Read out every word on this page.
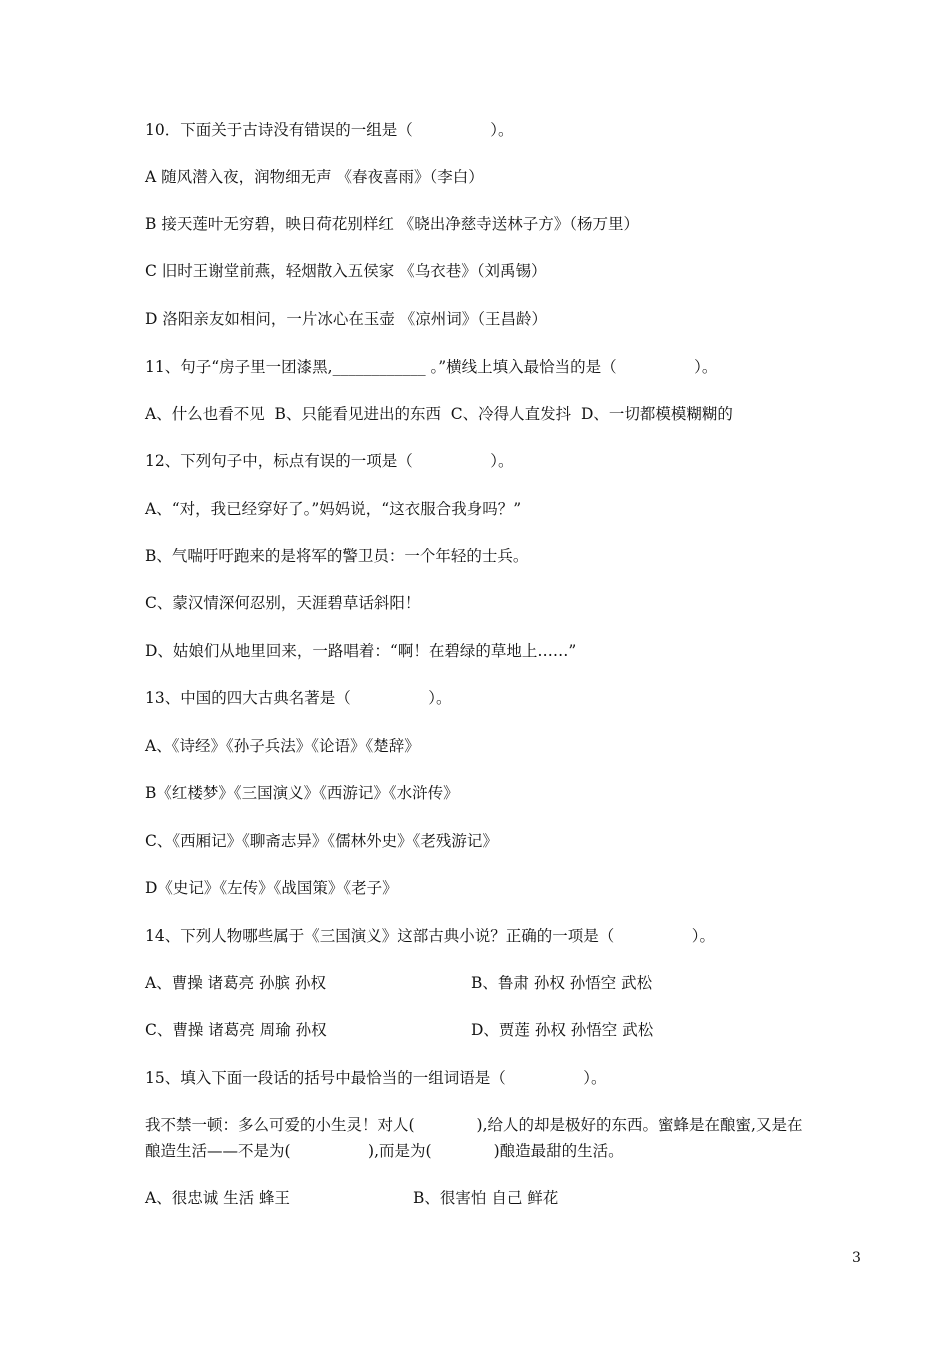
10．下面关于古诗没有错误的一组是（　　　　　）。
A 随风潜入夜，润物细无声 《春夜喜雨》（李白）
B 接天莲叶无穷碧，映日荷花别样红 《晓出净慈寺送林子方》（杨万里）
C 旧时王谢堂前燕，轻烟散入五侯家 《乌衣巷》（刘禹锡）
D 洛阳亲友如相问，一片冰心在玉壶 《凉州词》（王昌龄）
11、句子“房子里一团漆黑,____________ 。”横线上填入最恰当的是（　　　　　）。
A、什么也看不见  B、只能看见进出的东西  C、冷得人直发抖  D、一切都模模糊糊的
12、下列句子中，标点有误的一项是（　　　　　）。
A、“对，我已经穿好了。”妈妈说，“这衣服合我身吗？”
B、气喘吁吁跑来的是将军的警卫员：一个年轻的士兵。
C、蒙汉情深何忍别，天涯碧草话斜阳！
D、姑娘们从地里回来，一路唱着：“啊！在碧绿的草地上……”
13、中国的四大古典名著是（　　　　　）。
A、《诗经》《孙子兵法》《论语》《楚辞》
B《红楼梦》《三国演义》《西游记》《水浒传》
C、《西厢记》《聊斋志异》《儒林外史》《老残游记》
D《史记》《左传》《战国策》《老子》
14、下列人物哪些属于《三国演义》这部古典小说？正确的一项是（　　　　　）。
A、曹操 诸葛亮 孙膑 孙权	B、鲁肃 孙权 孙悟空 武松
C、曹操 诸葛亮 周瑜 孙权	D、贾莲 孙权 孙悟空 武松
15、填入下面一段话的括号中最恰当的一组词语是（　　　　　）。
我不禁一顿：多么可爱的小生灵！对人(　　　　),给人的却是极好的东西。蜜蜂是在酿蜜,又是在
酿造生活——不是为(　　　　　),而是为(　　　　)酿造最甜的生活。
A、很忠诚 生活 蜂王	B、很害怕 自己 鲜花
3
